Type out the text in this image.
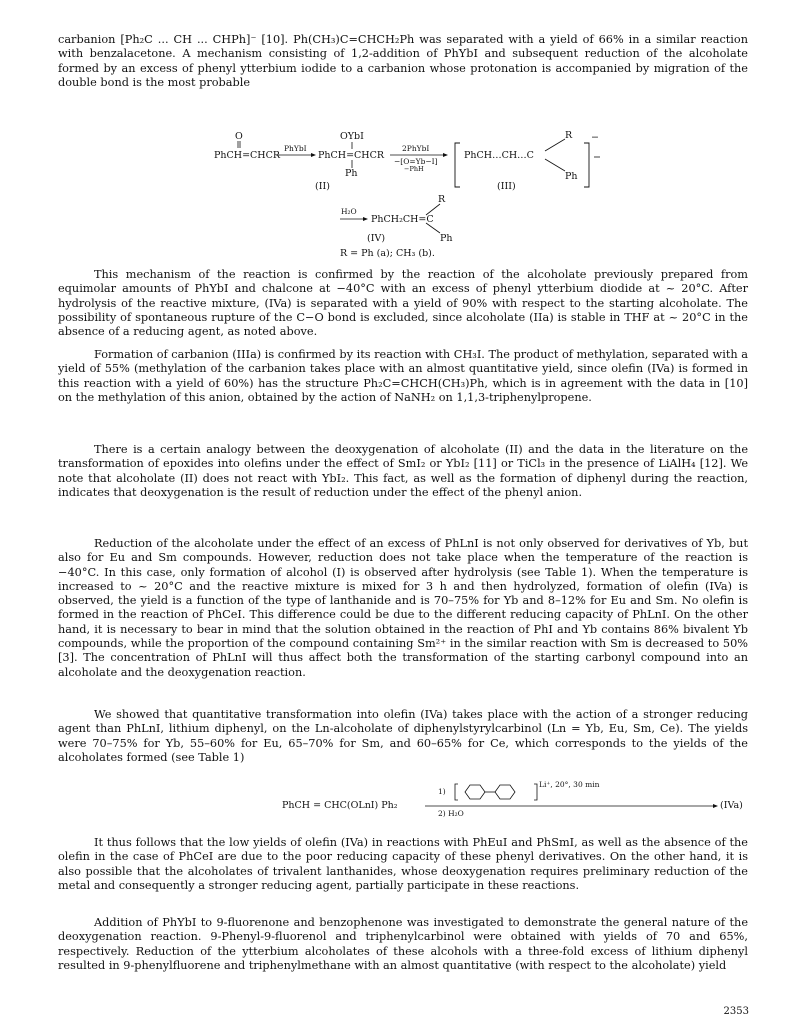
carbanion [Ph₂C ... CH ... CHPh]⁻ [10]. Ph(CH₃)C=CHCH₂Ph was separated with a yield of 66% in a similar reaction with benzalacetone. A mechanism consisting of 1,2-addition of PhYbI and subsequent reduction of the alcoholate formed by an excess of phenyl ytterbium iodide to a carbanion whose protonation is accompanied by migration of the double bond is the most probable

O
PhCH=CHCR
PhYbI
OYbI
PhCH=CHCR
Ph
(II)
2PhYbI
−[O=Yb−I]
−PhH
PhCH…CH…C
R −
Ph
(III)
H₂O
PhCH₂CH=C
R
Ph
(IV)
R = Ph (a); CH₃ (b).

This mechanism of the reaction is confirmed by the reaction of the alcoholate previously prepared from equimolar amounts of PhYbI and chalcone at −40°C with an excess of phenyl ytterbium diodide at ~ 20°C. After hydrolysis of the reactive mixture, (IVa) is separated with a yield of 90% with respect to the starting alcoholate. The possibility of spontaneous rupture of the C−O bond is excluded, since alcoholate (IIa) is stable in THF at ~ 20°C in the absence of a reducing agent, as noted above.

Formation of carbanion (IIIa) is confirmed by its reaction with CH₃I. The product of methylation, separated with a yield of 55% (methylation of the carbanion takes place with an almost quantitative yield, since olefin (IVa) is formed in this reaction with a yield of 60%) has the structure Ph₂C=CHCH(CH₃)Ph, which is in agreement with the data in [10] on the methylation of this anion, obtained by the action of NaNH₂ on 1,1,3-triphenylpropene.

There is a certain analogy between the deoxygenation of alcoholate (II) and the data in the literature on the transformation of epoxides into olefins under the effect of SmI₂ or YbI₂ [11] or TiCl₃ in the presence of LiAlH₄ [12]. We note that alcoholate (II) does not react with YbI₂. This fact, as well as the formation of diphenyl during the reaction, indicates that deoxygenation is the result of reduction under the effect of the phenyl anion.

Reduction of the alcoholate under the effect of an excess of PhLnI is not only observed for derivatives of Yb, but also for Eu and Sm compounds. However, reduction does not take place when the temperature of the reaction is −40°C. In this case, only formation of alcohol (I) is observed after hydrolysis (see Table 1). When the temperature is increased to ~ 20°C and the reactive mixture is mixed for 3 h and then hydrolyzed, formation of olefin (IVa) is observed, the yield is a function of the type of lanthanide and is 70–75% for Yb and 8–12% for Eu and Sm. No olefin is formed in the reaction of PhCeI. This difference could be due to the different reducing capacity of PhLnI. On the other hand, it is necessary to bear in mind that the solution obtained in the reaction of PhI and Yb contains 86% bivalent Yb compounds, while the proportion of the compound containing Sm²⁺ in the similar reaction with Sm is decreased to 50% [3]. The concentration of PhLnI will thus affect both the transformation of the starting carbonyl compound into an alcoholate and the deoxygenation reaction.

We showed that quantitative transformation into olefin (IVa) takes place with the action of a stronger reducing agent than PhLnI, lithium diphenyl, on the Ln-alcoholate of diphenylstyrylcarbinol (Ln = Yb, Eu, Sm, Ce). The yields were 70–75% for Yb, 55–60% for Eu, 65–70% for Sm, and 60–65% for Ce, which corresponds to the yields of the alcoholates formed (see Table 1)

PhCH = CHC(OLnI) Ph₂
1)
Li⁺, 20°, 30 min
2) H₂O
(IVa)

It thus follows that the low yields of olefin (IVa) in reactions with PhEuI and PhSmI, as well as the absence of the olefin in the case of PhCeI are due to the poor reducing capacity of these phenyl derivatives. On the other hand, it is also possible that the alcoholates of trivalent lanthanides, whose deoxygenation requires preliminary reduction of the metal and consequently a stronger reducing agent, partially participate in these reactions.

Addition of PhYbI to 9-fluorenone and benzophenone was investigated to demonstrate the general nature of the deoxygenation reaction. 9-Phenyl-9-fluorenol and triphenylcarbinol were obtained with yields of 70 and 65%, respectively. Reduction of the ytterbium alcoholates of these alcohols with a three-fold excess of lithium diphenyl resulted in 9-phenylfluorene and triphenylmethane with an almost quantitative (with respect to the alcoholate) yield

2353
